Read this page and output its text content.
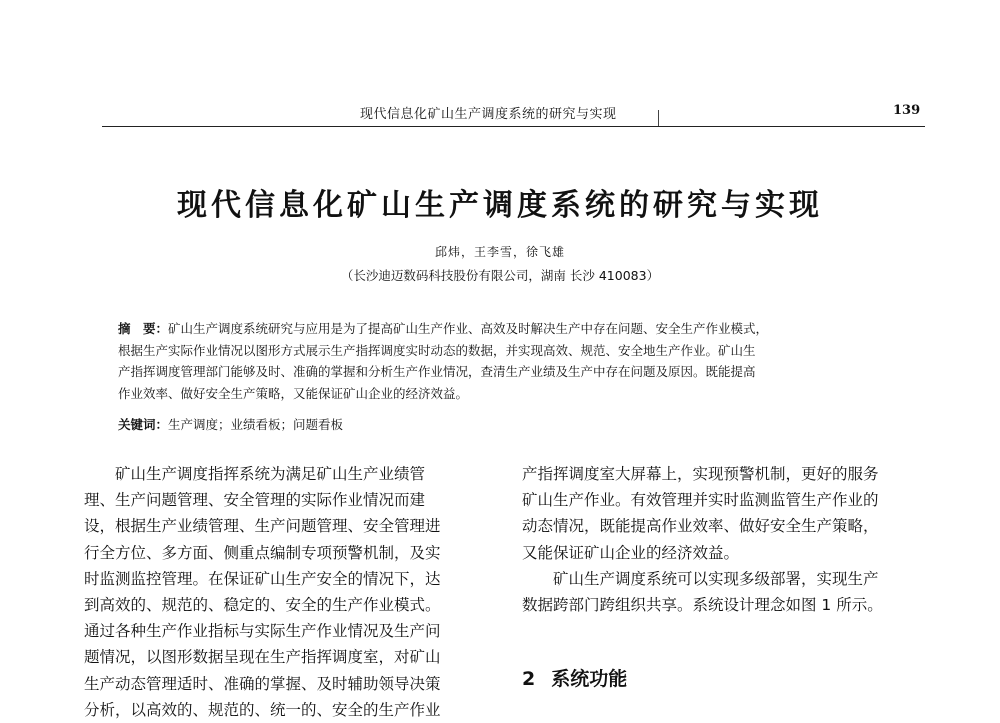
现代信息化矿山生产调度系统的研究与实现	139
现代信息化矿山生产调度系统的研究与实现
邱炜，王李雪，徐飞雄
（长沙迪迈数码科技股份有限公司，湖南 长沙 410083）
摘　要：矿山生产调度系统研究与应用是为了提高矿山生产作业、高效及时解决生产中存在问题、安全生产作业模式，
根据生产实际作业情况以图形方式展示生产指挥调度实时动态的数据，并实现高效、规范、安全地生产作业。矿山生
产指挥调度管理部门能够及时、准确的掌握和分析生产作业情况，查清生产业绩及生产中存在问题及原因。既能提高
作业效率、做好安全生产策略，又能保证矿山企业的经济效益。
关键词：生产调度；业绩看板；问题看板
　　矿山生产调度指挥系统为满足矿山生产业绩管
理、生产问题管理、安全管理的实际作业情况而建
设，根据生产业绩管理、生产问题管理、安全管理进
行全方位、多方面、侧重点编制专项预警机制，及实
时监测监控管理。在保证矿山生产安全的情况下，达
到高效的、规范的、稳定的、安全的生产作业模式。
通过各种生产作业指标与实际生产作业情况及生产问
题情况，以图形数据呈现在生产指挥调度室，对矿山
生产动态管理适时、准确的掌握、及时辅助领导决策
分析，以高效的、规范的、统一的、安全的生产作业
产指挥调度室大屏幕上，实现预警机制，更好的服务
矿山生产作业。有效管理并实时监测监管生产作业的
动态情况，既能提高作业效率、做好安全生产策略，
又能保证矿山企业的经济效益。
　　矿山生产调度系统可以实现多级部署，实现生产
数据跨部门跨组织共享。系统设计理念如图 1 所示。
2 系统功能
